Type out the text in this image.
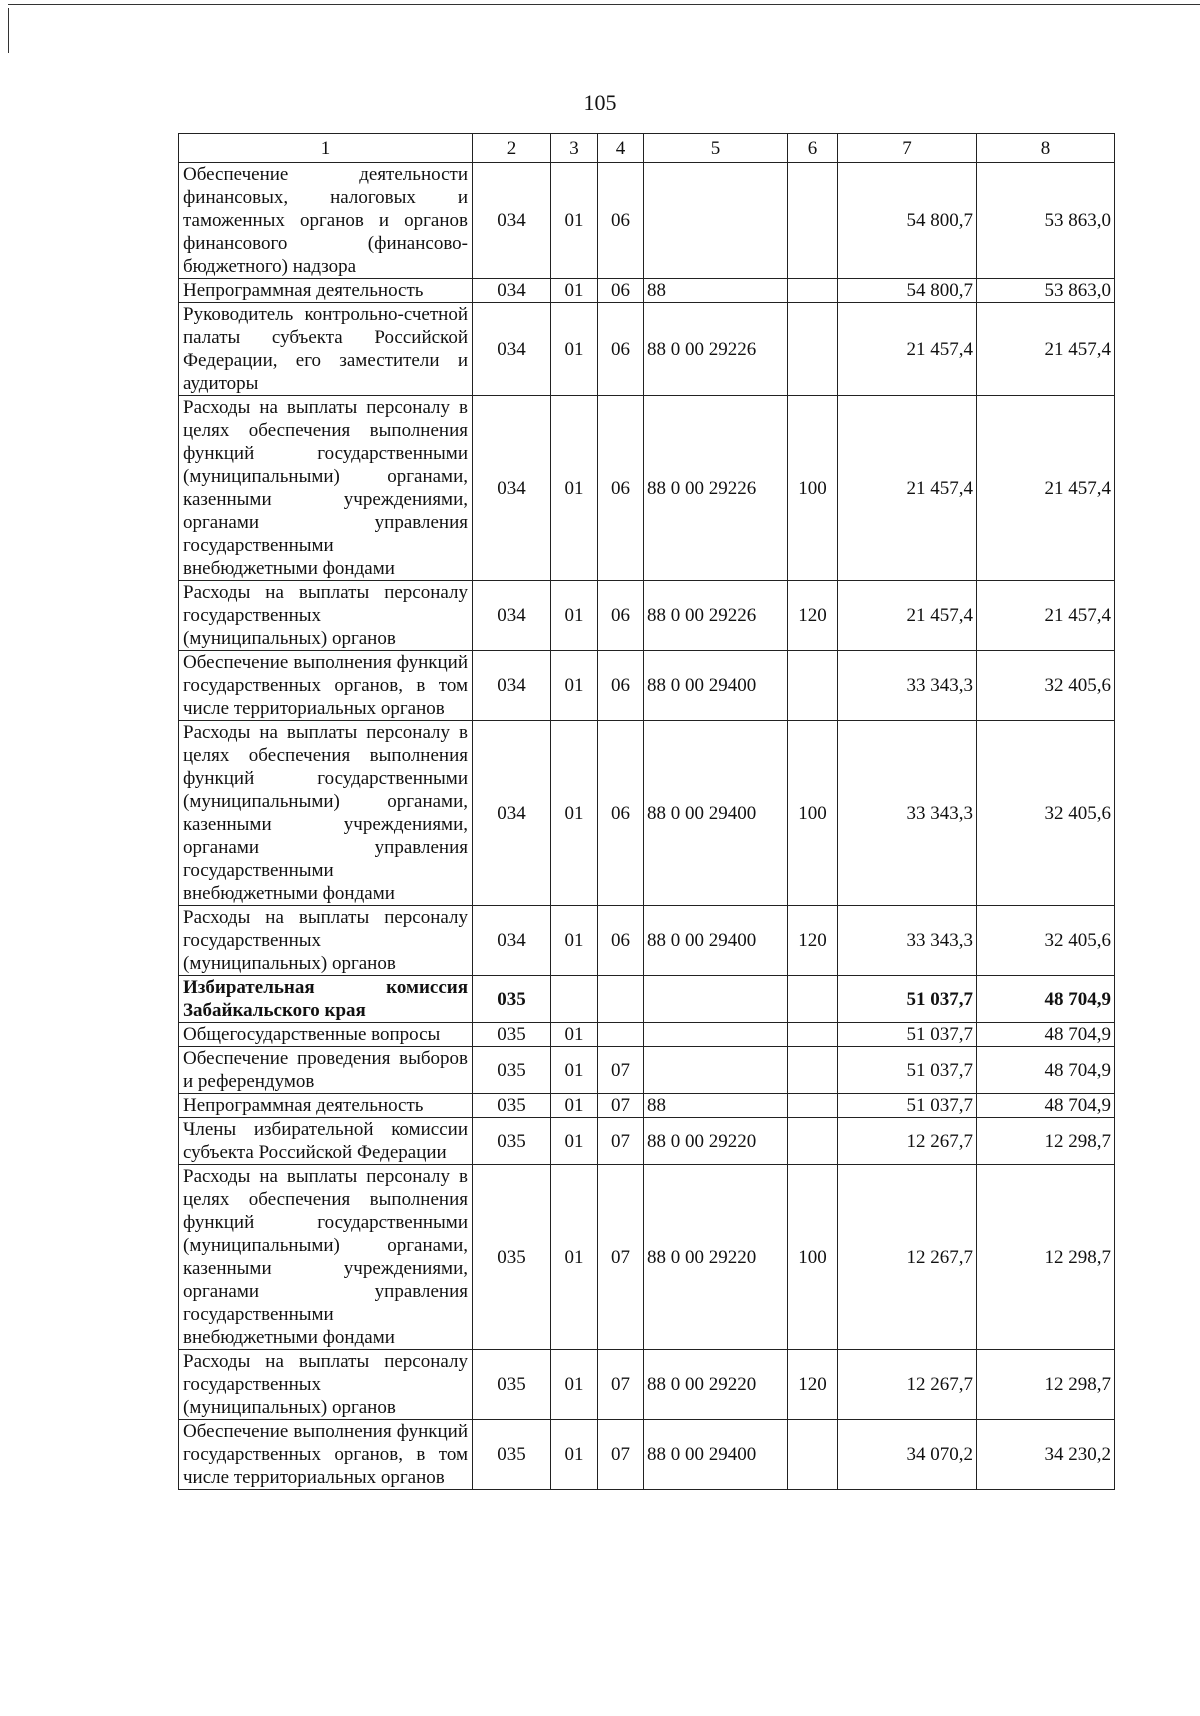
105
1	2	3	4	5	6	7	8
Обеспечение деятельности финансовых, налоговых и таможенных органов и органов финансового (финансово-бюджетного) надзора	034	01	06			54 800,7	53 863,0
Непрограммная деятельность	034	01	06	88		54 800,7	53 863,0
Руководитель контрольно-счетной палаты субъекта Российской Федерации, его заместители и аудиторы	034	01	06	88 0 00 29226		21 457,4	21 457,4
Расходы на выплаты персоналу в целях обеспечения выполнения функций государственными (муниципальными) органами, казенными учреждениями, органами управления государственными внебюджетными фондами	034	01	06	88 0 00 29226	100	21 457,4	21 457,4
Расходы на выплаты персоналу государственных (муниципальных) органов	034	01	06	88 0 00 29226	120	21 457,4	21 457,4
Обеспечение выполнения функций государственных органов, в том числе территориальных органов	034	01	06	88 0 00 29400		33 343,3	32 405,6
Расходы на выплаты персоналу в целях обеспечения выполнения функций государственными (муниципальными) органами, казенными учреждениями, органами управления государственными внебюджетными фондами	034	01	06	88 0 00 29400	100	33 343,3	32 405,6
Расходы на выплаты персоналу государственных (муниципальных) органов	034	01	06	88 0 00 29400	120	33 343,3	32 405,6
Избирательная комиссия Забайкальского края	035					51 037,7	48 704,9
Общегосударственные вопросы	035	01				51 037,7	48 704,9
Обеспечение проведения выборов и референдумов	035	01	07			51 037,7	48 704,9
Непрограммная деятельность	035	01	07	88		51 037,7	48 704,9
Члены избирательной комиссии субъекта Российской Федерации	035	01	07	88 0 00 29220		12 267,7	12 298,7
Расходы на выплаты персоналу в целях обеспечения выполнения функций государственными (муниципальными) органами, казенными учреждениями, органами управления государственными внебюджетными фондами	035	01	07	88 0 00 29220	100	12 267,7	12 298,7
Расходы на выплаты персоналу государственных (муниципальных) органов	035	01	07	88 0 00 29220	120	12 267,7	12 298,7
Обеспечение выполнения функций государственных органов, в том числе территориальных органов	035	01	07	88 0 00 29400		34 070,2	34 230,2
